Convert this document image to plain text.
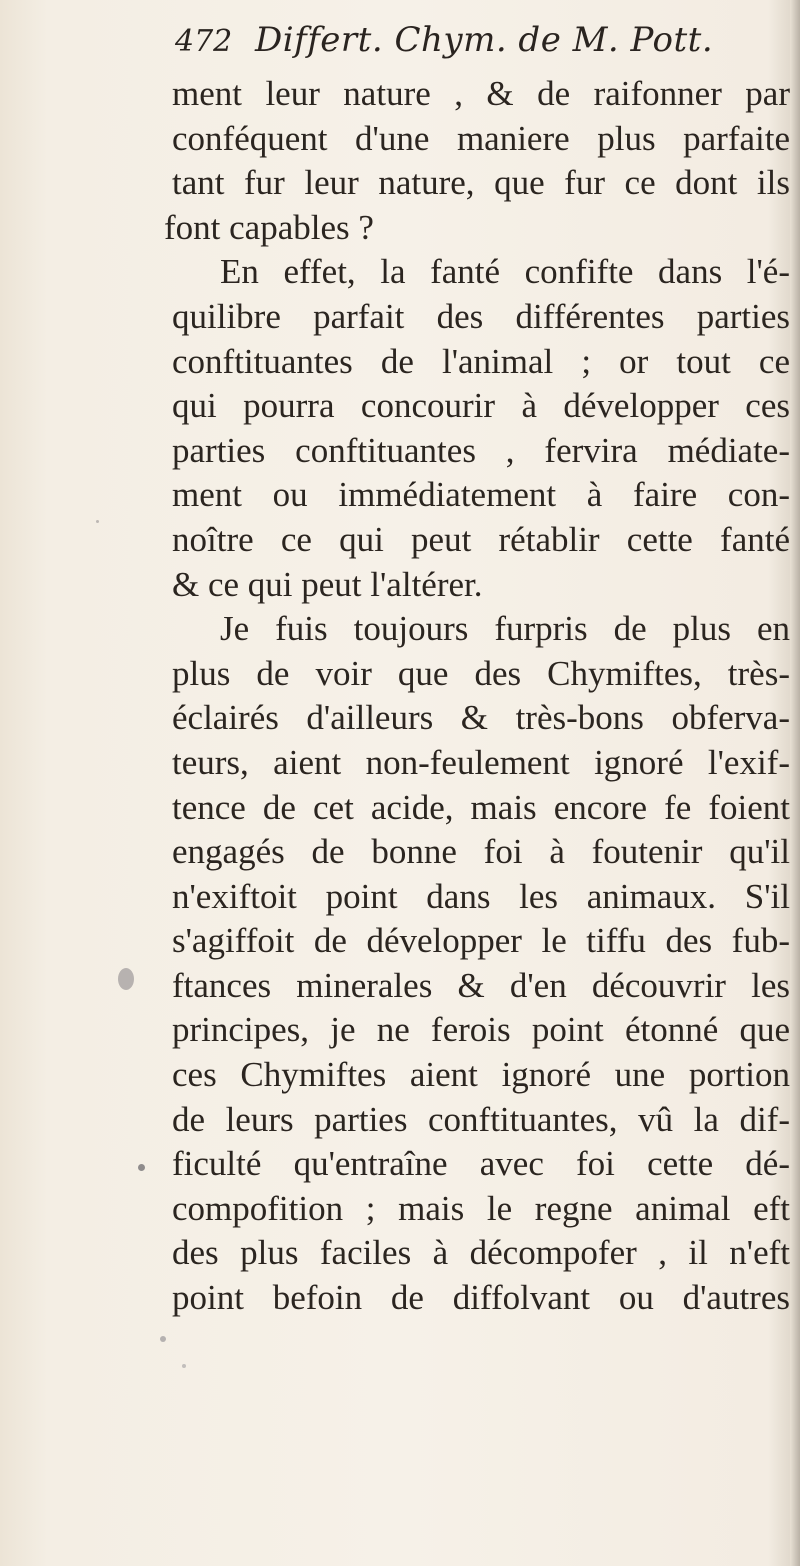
472 Differt. Chym. de M. Pott.
ment leur nature , & de raifonner par
conféquent d'une maniere plus parfaite
tant fur leur nature, que fur ce dont ils
font capables ?
En effet, la fanté confifte dans l'é-
quilibre parfait des différentes parties
conftituantes de l'animal ; or tout ce
qui pourra concourir à développer ces
parties conftituantes , fervira médiate-
ment ou immédiatement à faire con-
noître ce qui peut rétablir cette fanté
& ce qui peut l'altérer.
Je fuis toujours furpris de plus en
plus de voir que des Chymiftes, très-
éclairés d'ailleurs & très-bons obferva-
teurs, aient non-feulement ignoré l'exif-
tence de cet acide, mais encore fe foient
engagés de bonne foi à foutenir qu'il
n'exiftoit point dans les animaux. S'il
s'agiffoit de développer le tiffu des fub-
ftances minerales & d'en découvrir les
principes, je ne ferois point étonné que
ces Chymiftes aient ignoré une portion
de leurs parties conftituantes, vû la dif-
ficulté qu'entraîne avec foi cette dé-
compofition ; mais le regne animal eft
des plus faciles à décompofer , il n'eft
point befoin de diffolvant ou d'autres
